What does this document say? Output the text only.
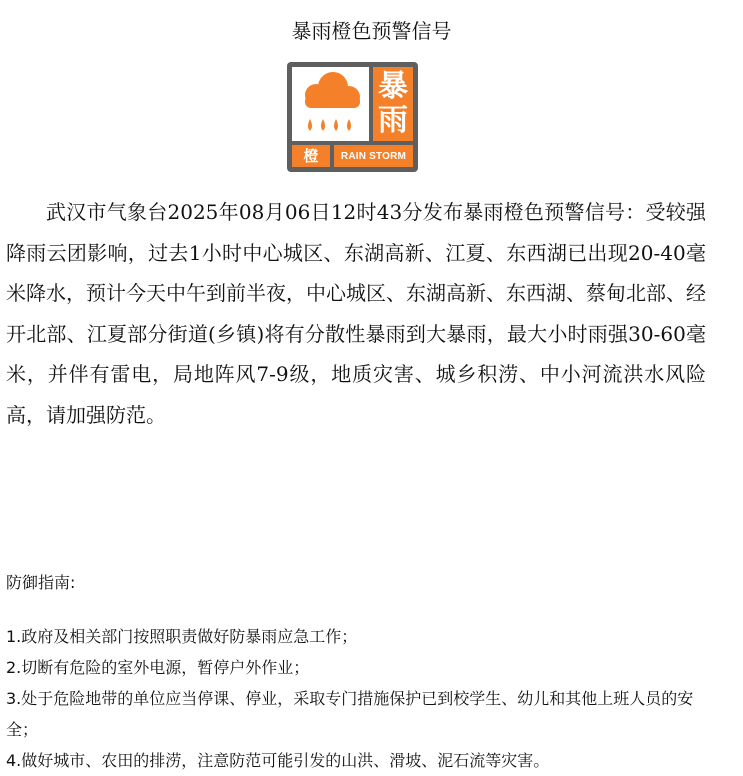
暴雨橙色预警信号
暴
雨
橙 RAIN STORM

武汉市气象台2025年08月06日12时43分发布暴雨橙色预警信号：受较强降雨云团影响，过去1小时中心城区、东湖高新、江夏、东西湖已出现20-40毫米降水，预计今天中午到前半夜，中心城区、东湖高新、东西湖、蔡甸北部、经开北部、江夏部分街道(乡镇)将有分散性暴雨到大暴雨，最大小时雨强30-60毫米，并伴有雷电，局地阵风7-9级，地质灾害、城乡积涝、中小河流洪水风险高，请加强防范。

防御指南:

1.政府及相关部门按照职责做好防暴雨应急工作；
2.切断有危险的室外电源，暂停户外作业；
3.处于危险地带的单位应当停课、停业，采取专门措施保护已到校学生、幼儿和其他上班人员的安全；
4.做好城市、农田的排涝，注意防范可能引发的山洪、滑坡、泥石流等灾害。
